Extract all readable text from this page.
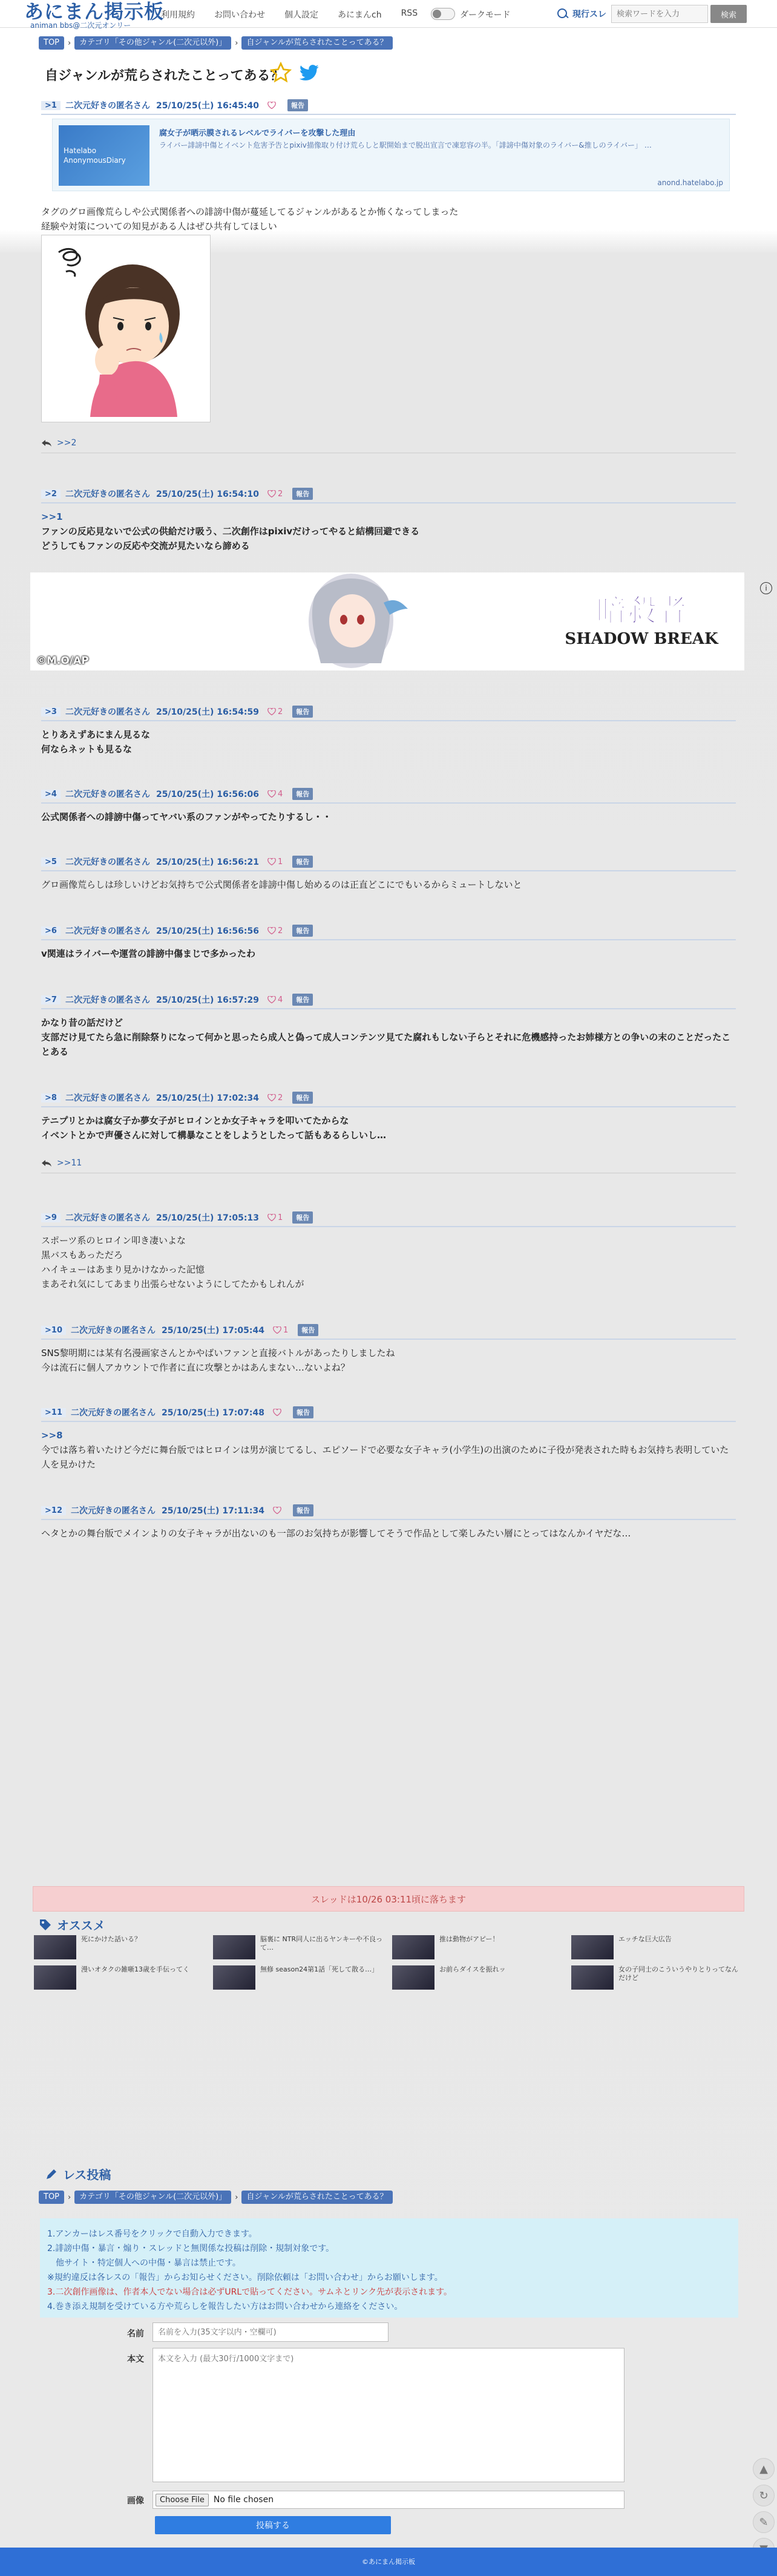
あにまん掲示板
animan bbs@二次元オンリー
利用規約 お問い合わせ 個人設定 あにまんch RSS	ダークモード	現行スレ
検索ワードを入力	検索
TOP	›	カテゴリ「その他ジャンル(二次元以外)」	›	自ジャンルが荒らされたことってある？
自ジャンルが荒らされたことってある？
>1	二次元好きの匿名さん 25/10/25(土) 16:45:40	報告
Hatelabo AnonymousDiary
腐女子が晒示膜されるレベルでライバーを攻撃した理由
ライバー誹謗中傷とイベント危害予告とpixiv描像取り付け荒らしと駅開始まで脱出宣言で凍窓容の半。「誹謗中傷対象のライバー&推しのライバー」 …
anond.hatelabo.jp
タグのグロ画像荒らしや公式関係者への誹謗中傷が蔓延してるジャンルがあるとか怖くなってしまった
経験や対策についての知見がある人はぜひ共有してほしい
>>2
>2	二次元好きの匿名さん 25/10/25(土) 16:54:10 2	報告
>>1
ファンの反応見ないで公式の供給だけ吸う、二次創作はpixivだけってやると結構回避できる
どうしてもファンの反応や交流が見たいなら諦める
暗殺者
SHADOW BREAK
©M.O/AP
i
>3	二次元好きの匿名さん 25/10/25(土) 16:54:59 2	報告
とりあえずあにまん見るな
何ならネットも見るな
>4	二次元好きの匿名さん 25/10/25(土) 16:56:06 4	報告
公式関係者への誹謗中傷ってヤバい系のファンがやってたりするし・・
>5	二次元好きの匿名さん 25/10/25(土) 16:56:21 1	報告
グロ画像荒らしは珍しいけどお気持ちで公式関係者を誹謗中傷し始めるのは正直どこにでもいるからミュートしないと
>6	二次元好きの匿名さん 25/10/25(土) 16:56:56 2	報告
v関連はライバーや運営の誹謗中傷まじで多かったわ
>7	二次元好きの匿名さん 25/10/25(土) 16:57:29 4	報告
かなり昔の話だけど
支部だけ見てたら急に削除祭りになって何かと思ったら成人と偽って成人コンテンツ見てた腐れもしない子らとそれに危機感持ったお姉様方との争いの末のことだったことある
>8	二次元好きの匿名さん 25/10/25(土) 17:02:34 2	報告
テニプリとかは腐女子か夢女子がヒロインとか女子キャラを叩いてたからな
イベントとかで声優さんに対して構暴なことをしようとしたって話もあるらしいし…
>>11
>9	二次元好きの匿名さん 25/10/25(土) 17:05:13 1	報告
スポーツ系のヒロイン叩き凄いよな
黒バスもあっただろ
ハイキューはあまり見かけなかった記憶
まあそれ気にしてあまり出張らせないようにしてたかもしれんが
>10	二次元好きの匿名さん 25/10/25(土) 17:05:44 1	報告
SNS黎明期には某有名漫画家さんとかやばいファンと直接バトルがあったりしましたね
今は流石に個人アカウントで作者に直に攻撃とかはあんまない…ないよね？
>11	二次元好きの匿名さん 25/10/25(土) 17:07:48	報告
>>8
今では落ち着いたけど今だに舞台版ではヒロインは男が演じてるし、エピソードで必要な女子キャラ(小学生)の出演のために子役が発表された時もお気持ち表明していた人を見かけた
>12	二次元好きの匿名さん 25/10/25(土) 17:11:34	報告
ヘタとかの舞台版でメインよりの女子キャラが出ないのも一部のお気持ちが影響してそうで作品として楽しみたい層にとってはなんかイヤだな…
スレッドは10/26 03:11頃に落ちます
オススメ
死にかけた話いる？	脳裏に NTR同人に出るヤンキーや不良って…
推は動物がアピー！	エッチな巨大広告
漫いオタクの雑噺13歳を手伝ってく	無修 season24第1話「死して散る…」	お前らダイスを振れッ	女の子同士のこういうやりとりってなんだけど
レス投稿
TOP	›	カテゴリ「その他ジャンル(二次元以外)」	›	自ジャンルが荒らされたことってある？
1.アンカーはレス番号をクリックで自動入力できます。
2.誹謗中傷・暴言・煽り・スレッドと無関係な投稿は削除・規制対象です。
　他サイト・特定個人への中傷・暴言は禁止です。
※規約違反は各レスの「報告」からお知らせください。削除依頼は「お問い合わせ」からお願いします。
3.二次創作画像は、作者本人でない場合は必ずURLで貼ってください。サムネとリンク先が表示されます。
4.巻き添え規制を受けている方や荒らしを報告したい方はお問い合わせから連絡をください。
名前
名前を入力(35文字以内・空欄可)
本文
本文を入力 (最大30行/1000文字まで)
画像	Choose File	No file chosen
投稿する
▲
↻
✎
©あにまん掲示板
